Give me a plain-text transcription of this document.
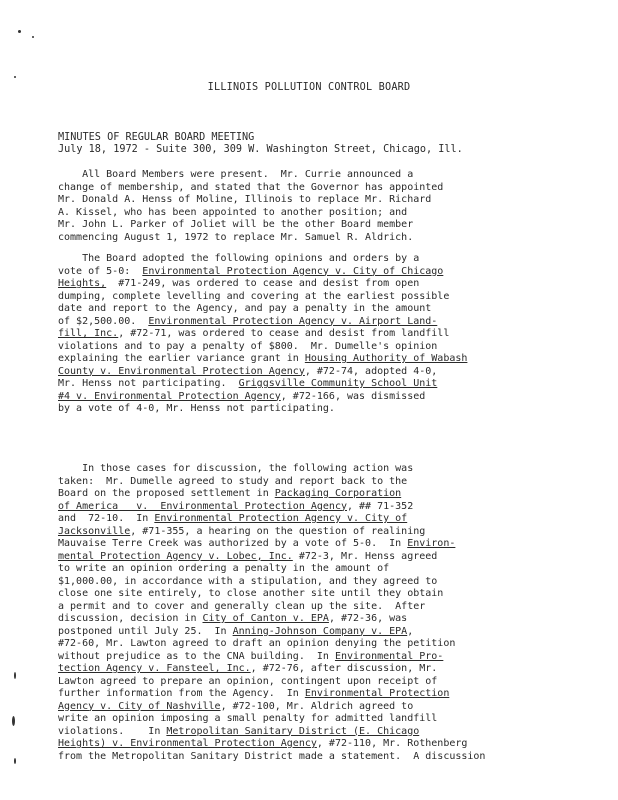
ILLINOIS POLLUTION CONTROL BOARD
MINUTES OF REGULAR BOARD MEETING
July 18, 1972 - Suite 300, 309 W. Washington Street, Chicago, Ill.
All Board Members were present.  Mr. Currie announced a
change of membership, and stated that the Governor has appointed
Mr. Donald A. Henss of Moline, Illinois to replace Mr. Richard
A. Kissel, who has been appointed to another position; and
Mr. John L. Parker of Joliet will be the other Board member
commencing August 1, 1972 to replace Mr. Samuel R. Aldrich.
The Board adopted the following opinions and orders by a
vote of 5-0:  Environmental Protection Agency v. City of Chicago
Heights,  #71-249, was ordered to cease and desist from open
dumping, complete levelling and covering at the earliest possible
date and report to the Agency, and pay a penalty in the amount
of $2,500.00.  Environmental Protection Agency v. Airport Land-
fill, Inc., #72-71, was ordered to cease and desist from landfill
violations and to pay a penalty of $800.  Mr. Dumelle's opinion
explaining the earlier variance grant in Housing Authority of Wabash
County v. Environmental Protection Agency, #72-74, adopted 4-0,
Mr. Henss not participating.  Griggsville Community School Unit
#4 v. Environmental Protection Agency, #72-166, was dismissed
by a vote of 4-0, Mr. Henss not participating.
In those cases for discussion, the following action was
taken:  Mr. Dumelle agreed to study and report back to the
Board on the proposed settlement in Packaging Corporation
of America   v.  Environmental Protection Agency, ## 71-352
and  72-10.  In Environmental Protection Agency v. City of
Jacksonville, #71-355, a hearing on the question of realining
Mauvaise Terre Creek was authorized by a vote of 5-0.  In Environ-
mental Protection Agency v. Lobec, Inc. #72-3, Mr. Henss agreed
to write an opinion ordering a penalty in the amount of
$1,000.00, in accordance with a stipulation, and they agreed to
close one site entirely, to close another site until they obtain
a permit and to cover and generally clean up the site.  After
discussion, decision in City of Canton v. EPA, #72-36, was
postponed until July 25.  In Anning-Johnson Company v. EPA,
#72-60, Mr. Lawton agreed to draft an opinion denying the petition
without prejudice as to the CNA building.  In Environmental Pro-
tection Agency v. Fansteel, Inc., #72-76, after discussion, Mr.
Lawton agreed to prepare an opinion, contingent upon receipt of
further information from the Agency.  In Environmental Protection
Agency v. City of Nashville, #72-100, Mr. Aldrich agreed to
write an opinion imposing a small penalty for admitted landfill
violations.    In Metropolitan Sanitary District (E. Chicago
Heights) v. Environmental Protection Agency, #72-110, Mr. Rothenberg
from the Metropolitan Sanitary District made a statement.  A discussion
